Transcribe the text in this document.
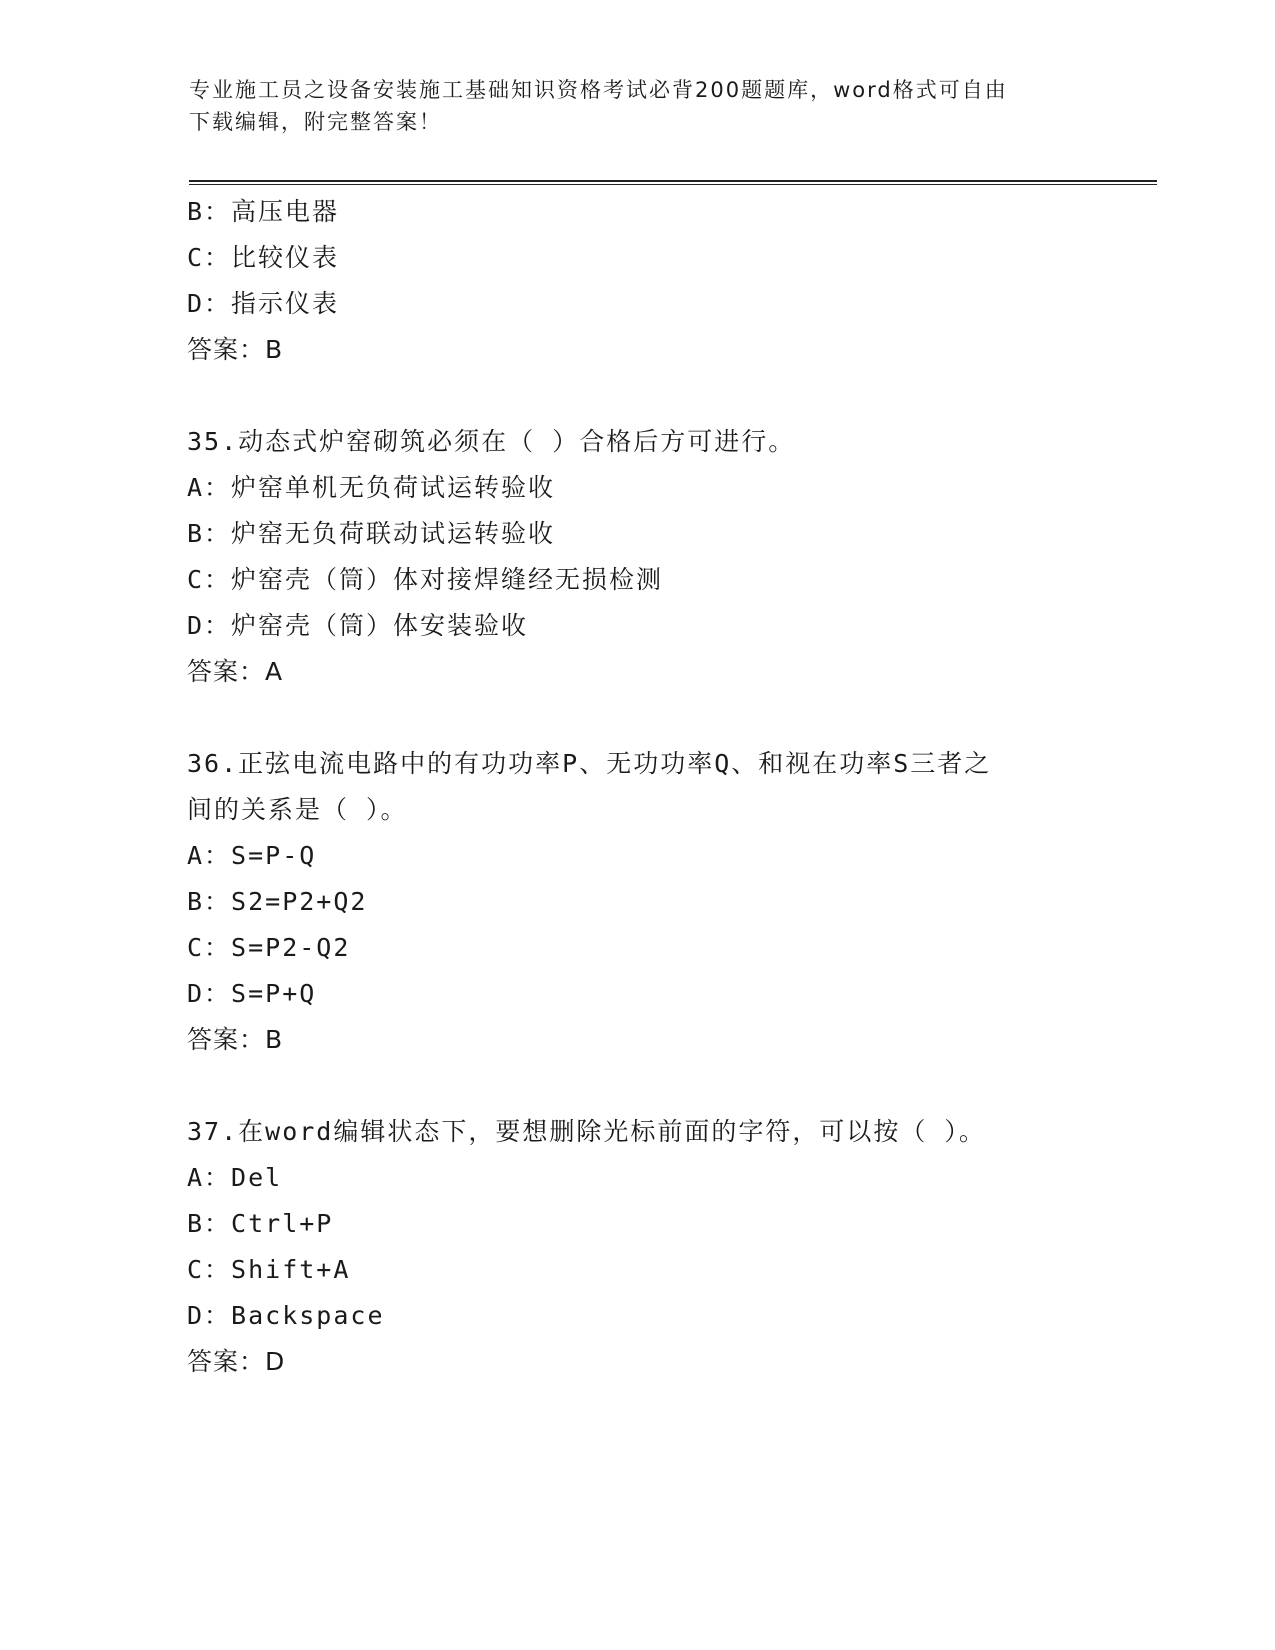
专业施工员之设备安装施工基础知识资格考试必背200题题库，word格式可自由
下载编辑，附完整答案！
B：高压电器
C：比较仪表
D：指示仪表
答案：B
35.动态式炉窑砌筑必须在（ ）合格后方可进行。
A：炉窑单机无负荷试运转验收
B：炉窑无负荷联动试运转验收
C：炉窑壳（筒）体对接焊缝经无损检测
D：炉窑壳（筒）体安装验收
答案：A
36.正弦电流电路中的有功功率P、无功功率Q、和视在功率S三者之
间的关系是（ ）。
A：S=P-Q
B：S2=P2+Q2
C：S=P2-Q2
D：S=P+Q
答案：B
37.在word编辑状态下，要想删除光标前面的字符，可以按（ ）。
A：Del
B：Ctrl+P
C：Shift+A
D：Backspace
答案：D
